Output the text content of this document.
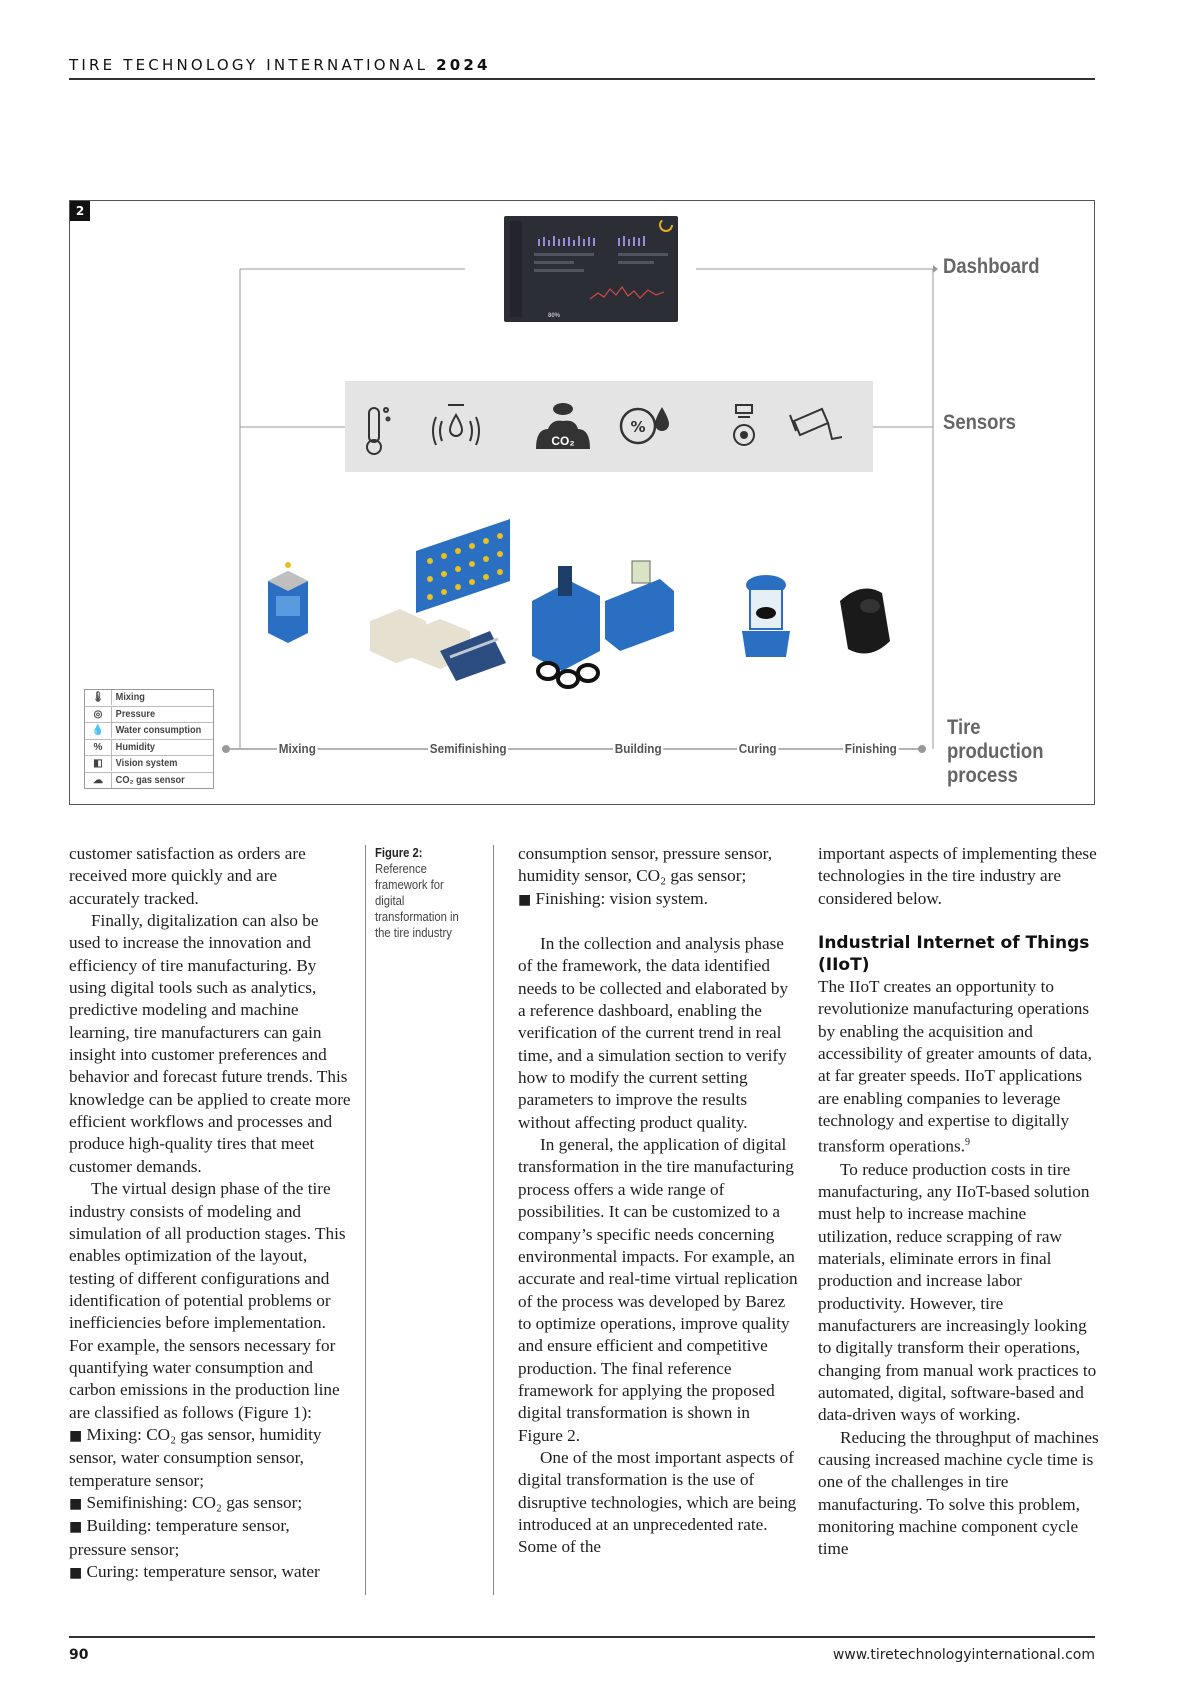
TIRE TECHNOLOGY INTERNATIONAL 2024
80%
CO₂
%
2
Dashboard
Sensors
Tire production process
Mixing	Semifinishing	Building	Curing	Finishing
🌡	Mixing
◎	Pressure
💧	Water consumption
%	Humidity
◧	Vision system
☁	CO₂ gas sensor

customer satisfaction as orders are received more quickly and are accurately tracked.

Finally, digitalization can also be used to increase the innovation and efficiency of tire manufacturing. By using digital tools such as analytics, predictive modeling and machine learning, tire manufacturers can gain insight into customer preferences and behavior and forecast future trends. This knowledge can be applied to create more efficient workflows and processes and produce high-quality tires that meet customer demands.

The virtual design phase of the tire industry consists of modeling and simulation of all production stages. This enables optimization of the layout, testing of different configurations and identification of potential problems or inefficiencies before implementation. For example, the sensors necessary for quantifying water consumption and carbon emissions in the production line are classified as follows (Figure 1):

■ Mixing: CO₂ gas sensor, humidity sensor, water consumption sensor, temperature sensor;

■ Semifinishing: CO₂ gas sensor;

■ Building: temperature sensor, pressure sensor;

■ Curing: temperature sensor, water

Figure 2: Reference framework for digital transformation in the tire industry

consumption sensor, pressure sensor, humidity sensor, CO₂ gas sensor;

■ Finishing: vision system.

In the collection and analysis phase of the framework, the data identified needs to be collected and elaborated by a reference dashboard, enabling the verification of the current trend in real time, and a simulation section to verify how to modify the current setting parameters to improve the results without affecting product quality.

In general, the application of digital transformation in the tire manufacturing process offers a wide range of possibilities. It can be customized to a company’s specific needs concerning environmental impacts. For example, an accurate and real-time virtual replication of the process was developed by Barez to optimize operations, improve quality and ensure efficient and competitive production. The final reference framework for applying the proposed digital transformation is shown in Figure 2.

One of the most important aspects of digital transformation is the use of disruptive technologies, which are being introduced at an unprecedented rate. Some of the

important aspects of implementing these technologies in the tire industry are considered below.

Industrial Internet of Things (IIoT)

The IIoT creates an opportunity to revolutionize manufacturing operations by enabling the acquisition and accessibility of greater amounts of data, at far greater speeds. IIoT applications are enabling companies to leverage technology and expertise to digitally transform operations.$^9$

To reduce production costs in tire manufacturing, any IIoT-based solution must help to increase machine utilization, reduce scrapping of raw materials, eliminate errors in final production and increase labor productivity. However, tire manufacturers are increasingly looking to digitally transform their operations, changing from manual work practices to automated, digital, software-based and data-driven ways of working.

Reducing the throughput of machines causing increased machine cycle time is one of the challenges in tire manufacturing. To solve this problem, monitoring machine component cycle time

90	www.tiretechnologyinternational.com
